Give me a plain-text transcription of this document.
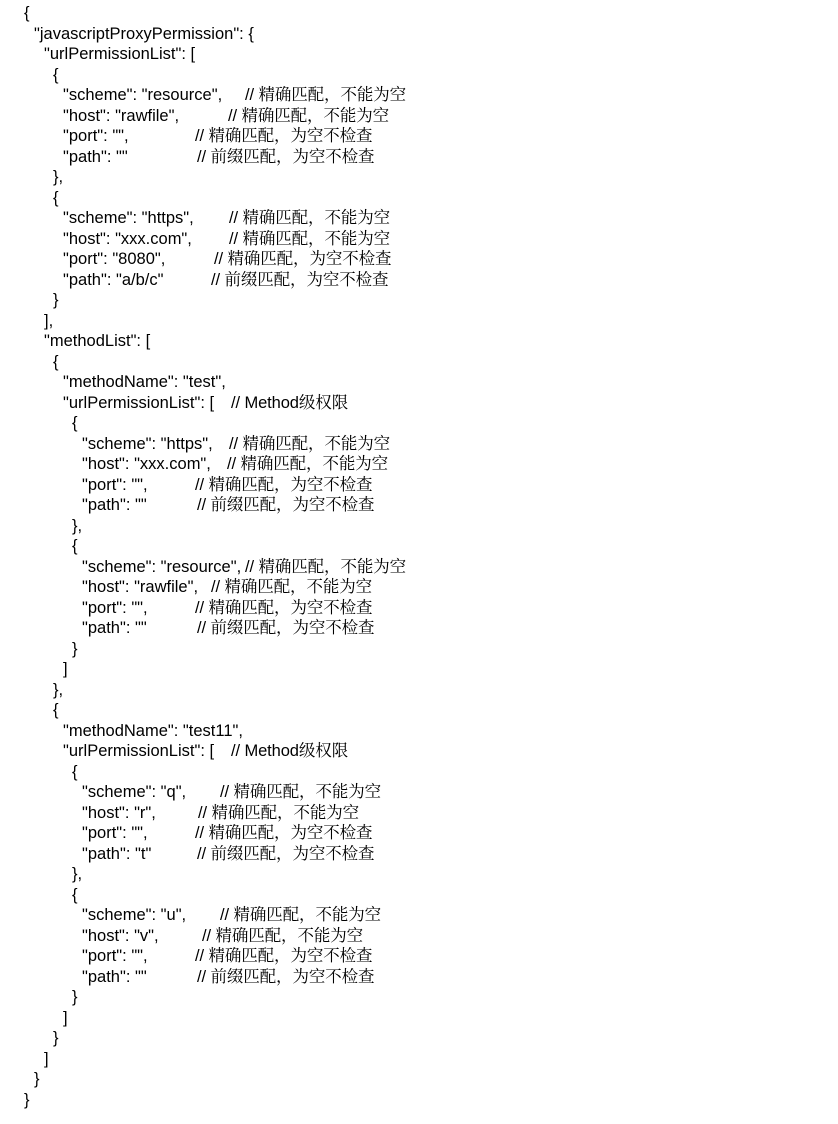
{
"javascriptProxyPermission": {
"urlPermissionList": [
{
"scheme": "resource", // 精确匹配，不能为空
"host": "rawfile",	// 精确匹配，不能为空
"port": "",	// 精确匹配，为空不检查
"path": ""	// 前缀匹配，为空不检查
},
{
"scheme": "https", // 精确匹配，不能为空
"host": "xxx.com", // 精确匹配，不能为空
"port": "8080",	// 精确匹配，为空不检查
"path": "a/b/c"	// 前缀匹配，为空不检查
}
],
"methodList": [
{
"methodName": "test",
"urlPermissionList": [ // Method级权限
{
"scheme": "https", // 精确匹配，不能为空
"host": "xxx.com", // 精确匹配，不能为空
"port": "",	// 精确匹配，为空不检查
"path": ""	// 前缀匹配，为空不检查
},
{
"scheme": "resource", // 精确匹配，不能为空
"host": "rawfile", // 精确匹配，不能为空
"port": "",	// 精确匹配，为空不检查
"path": ""	// 前缀匹配，为空不检查
}
]
},
{
"methodName": "test11",
"urlPermissionList": [ // Method级权限
{
"scheme": "q", // 精确匹配，不能为空
"host": "r",	// 精确匹配，不能为空
"port": "",	// 精确匹配，为空不检查
"path": "t"	// 前缀匹配，为空不检查
},
{
"scheme": "u", // 精确匹配，不能为空
"host": "v",	// 精确匹配，不能为空
"port": "",	// 精确匹配，为空不检查
"path": ""	// 前缀匹配，为空不检查
}
]
}
]
}
}
